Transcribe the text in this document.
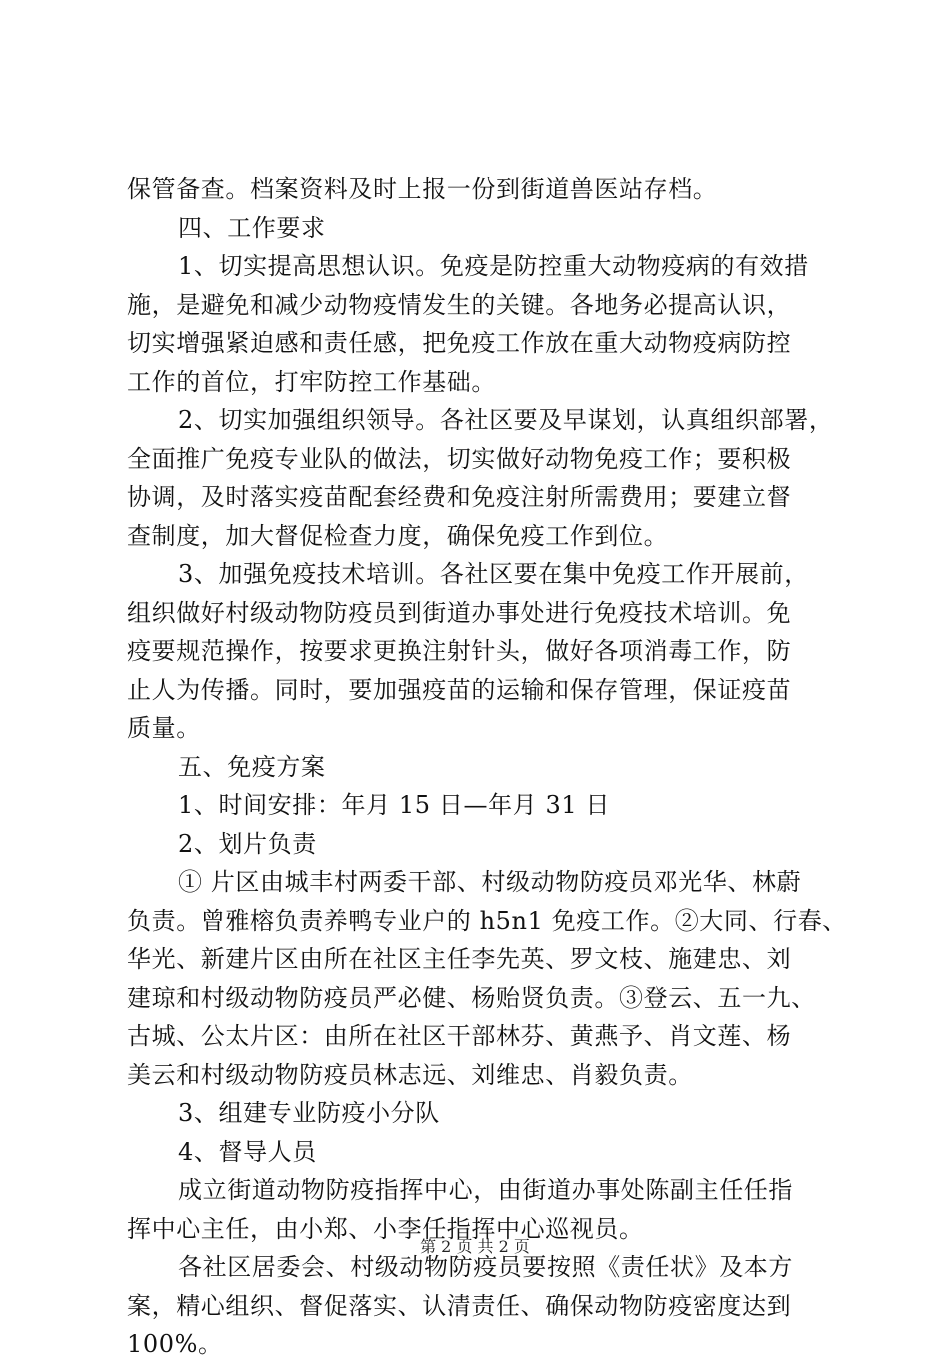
保管备查。档案资料及时上报一份到街道兽医站存档。
四、工作要求
1、切实提高思想认识。免疫是防控重大动物疫病的有效措
施，是避免和减少动物疫情发生的关键。各地务必提高认识，
切实增强紧迫感和责任感，把免疫工作放在重大动物疫病防控
工作的首位，打牢防控工作基础。
2、切实加强组织领导。各社区要及早谋划，认真组织部署，
全面推广免疫专业队的做法，切实做好动物免疫工作；要积极
协调，及时落实疫苗配套经费和免疫注射所需费用；要建立督
查制度，加大督促检查力度，确保免疫工作到位。
3、加强免疫技术培训。各社区要在集中免疫工作开展前，
组织做好村级动物防疫员到街道办事处进行免疫技术培训。免
疫要规范操作，按要求更换注射针头，做好各项消毒工作，防
止人为传播。同时，要加强疫苗的运输和保存管理，保证疫苗
质量。
五、免疫方案
1、时间安排：年月 15 日—年月 31 日
2、划片负责
① 片区由城丰村两委干部、村级动物防疫员邓光华、林蔚
负责。曾雅榕负责养鸭专业户的 h5n1 免疫工作。②大同、行春、
华光、新建片区由所在社区主任李先英、罗文枝、施建忠、刘
建琼和村级动物防疫员严必健、杨贻贤负责。③登云、五一九、
古城、公太片区：由所在社区干部林芬、黄燕予、肖文莲、杨
美云和村级动物防疫员林志远、刘维忠、肖毅负责。
3、组建专业防疫小分队
4、督导人员
成立街道动物防疫指挥中心，由街道办事处陈副主任任指
挥中心主任，由小郑、小李任指挥中心巡视员。
各社区居委会、村级动物防疫员要按照《责任状》及本方
案，精心组织、督促落实、认清责任、确保动物防疫密度达到
100%。
第 2 页 共 2 页
